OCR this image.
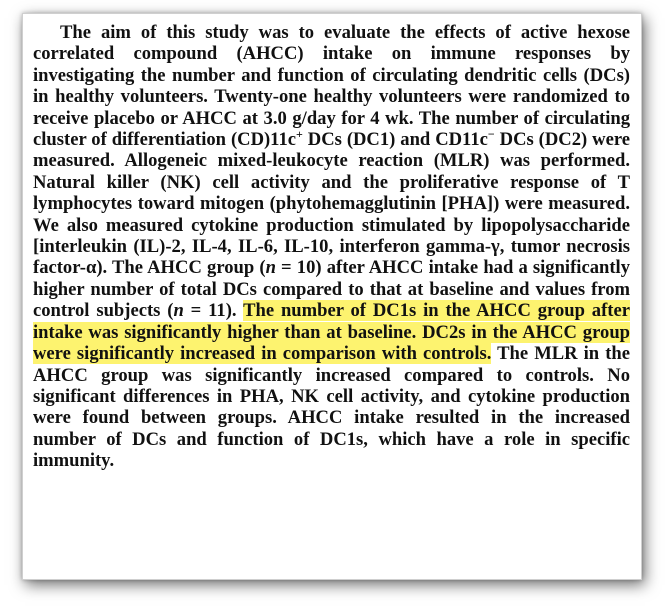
The aim of this study was to evaluate the effects of active hexose correlated compound (AHCC) intake on immune responses by investigating the number and function of circulating dendritic cells (DCs) in healthy volunteers. Twenty-one healthy volunteers were randomized to receive placebo or AHCC at 3.0 g/day for 4 wk. The number of circulating cluster of differentiation (CD)11c+ DCs (DC1) and CD11c− DCs (DC2) were measured. Allogeneic mixed-leukocyte reaction (MLR) was performed. Natural killer (NK) cell activity and the proliferative response of T lymphocytes toward mitogen (phytohemagglutinin [PHA]) were measured. We also measured cytokine production stimulated by lipopolysaccharide [interleukin (IL)-2, IL-4, IL-6, IL-10, interferon gamma-γ, tumor necrosis factor-α). The AHCC group (n = 10) after AHCC intake had a significantly higher number of total DCs compared to that at baseline and values from control subjects (n = 11). The number of DC1s in the AHCC group after intake was significantly higher than at baseline. DC2s in the AHCC group were significantly increased in comparison with controls. The MLR in the AHCC group was significantly increased compared to controls. No significant differences in PHA, NK cell activity, and cytokine production were found between groups. AHCC intake resulted in the increased number of DCs and function of DC1s, which have a role in specific immunity.
